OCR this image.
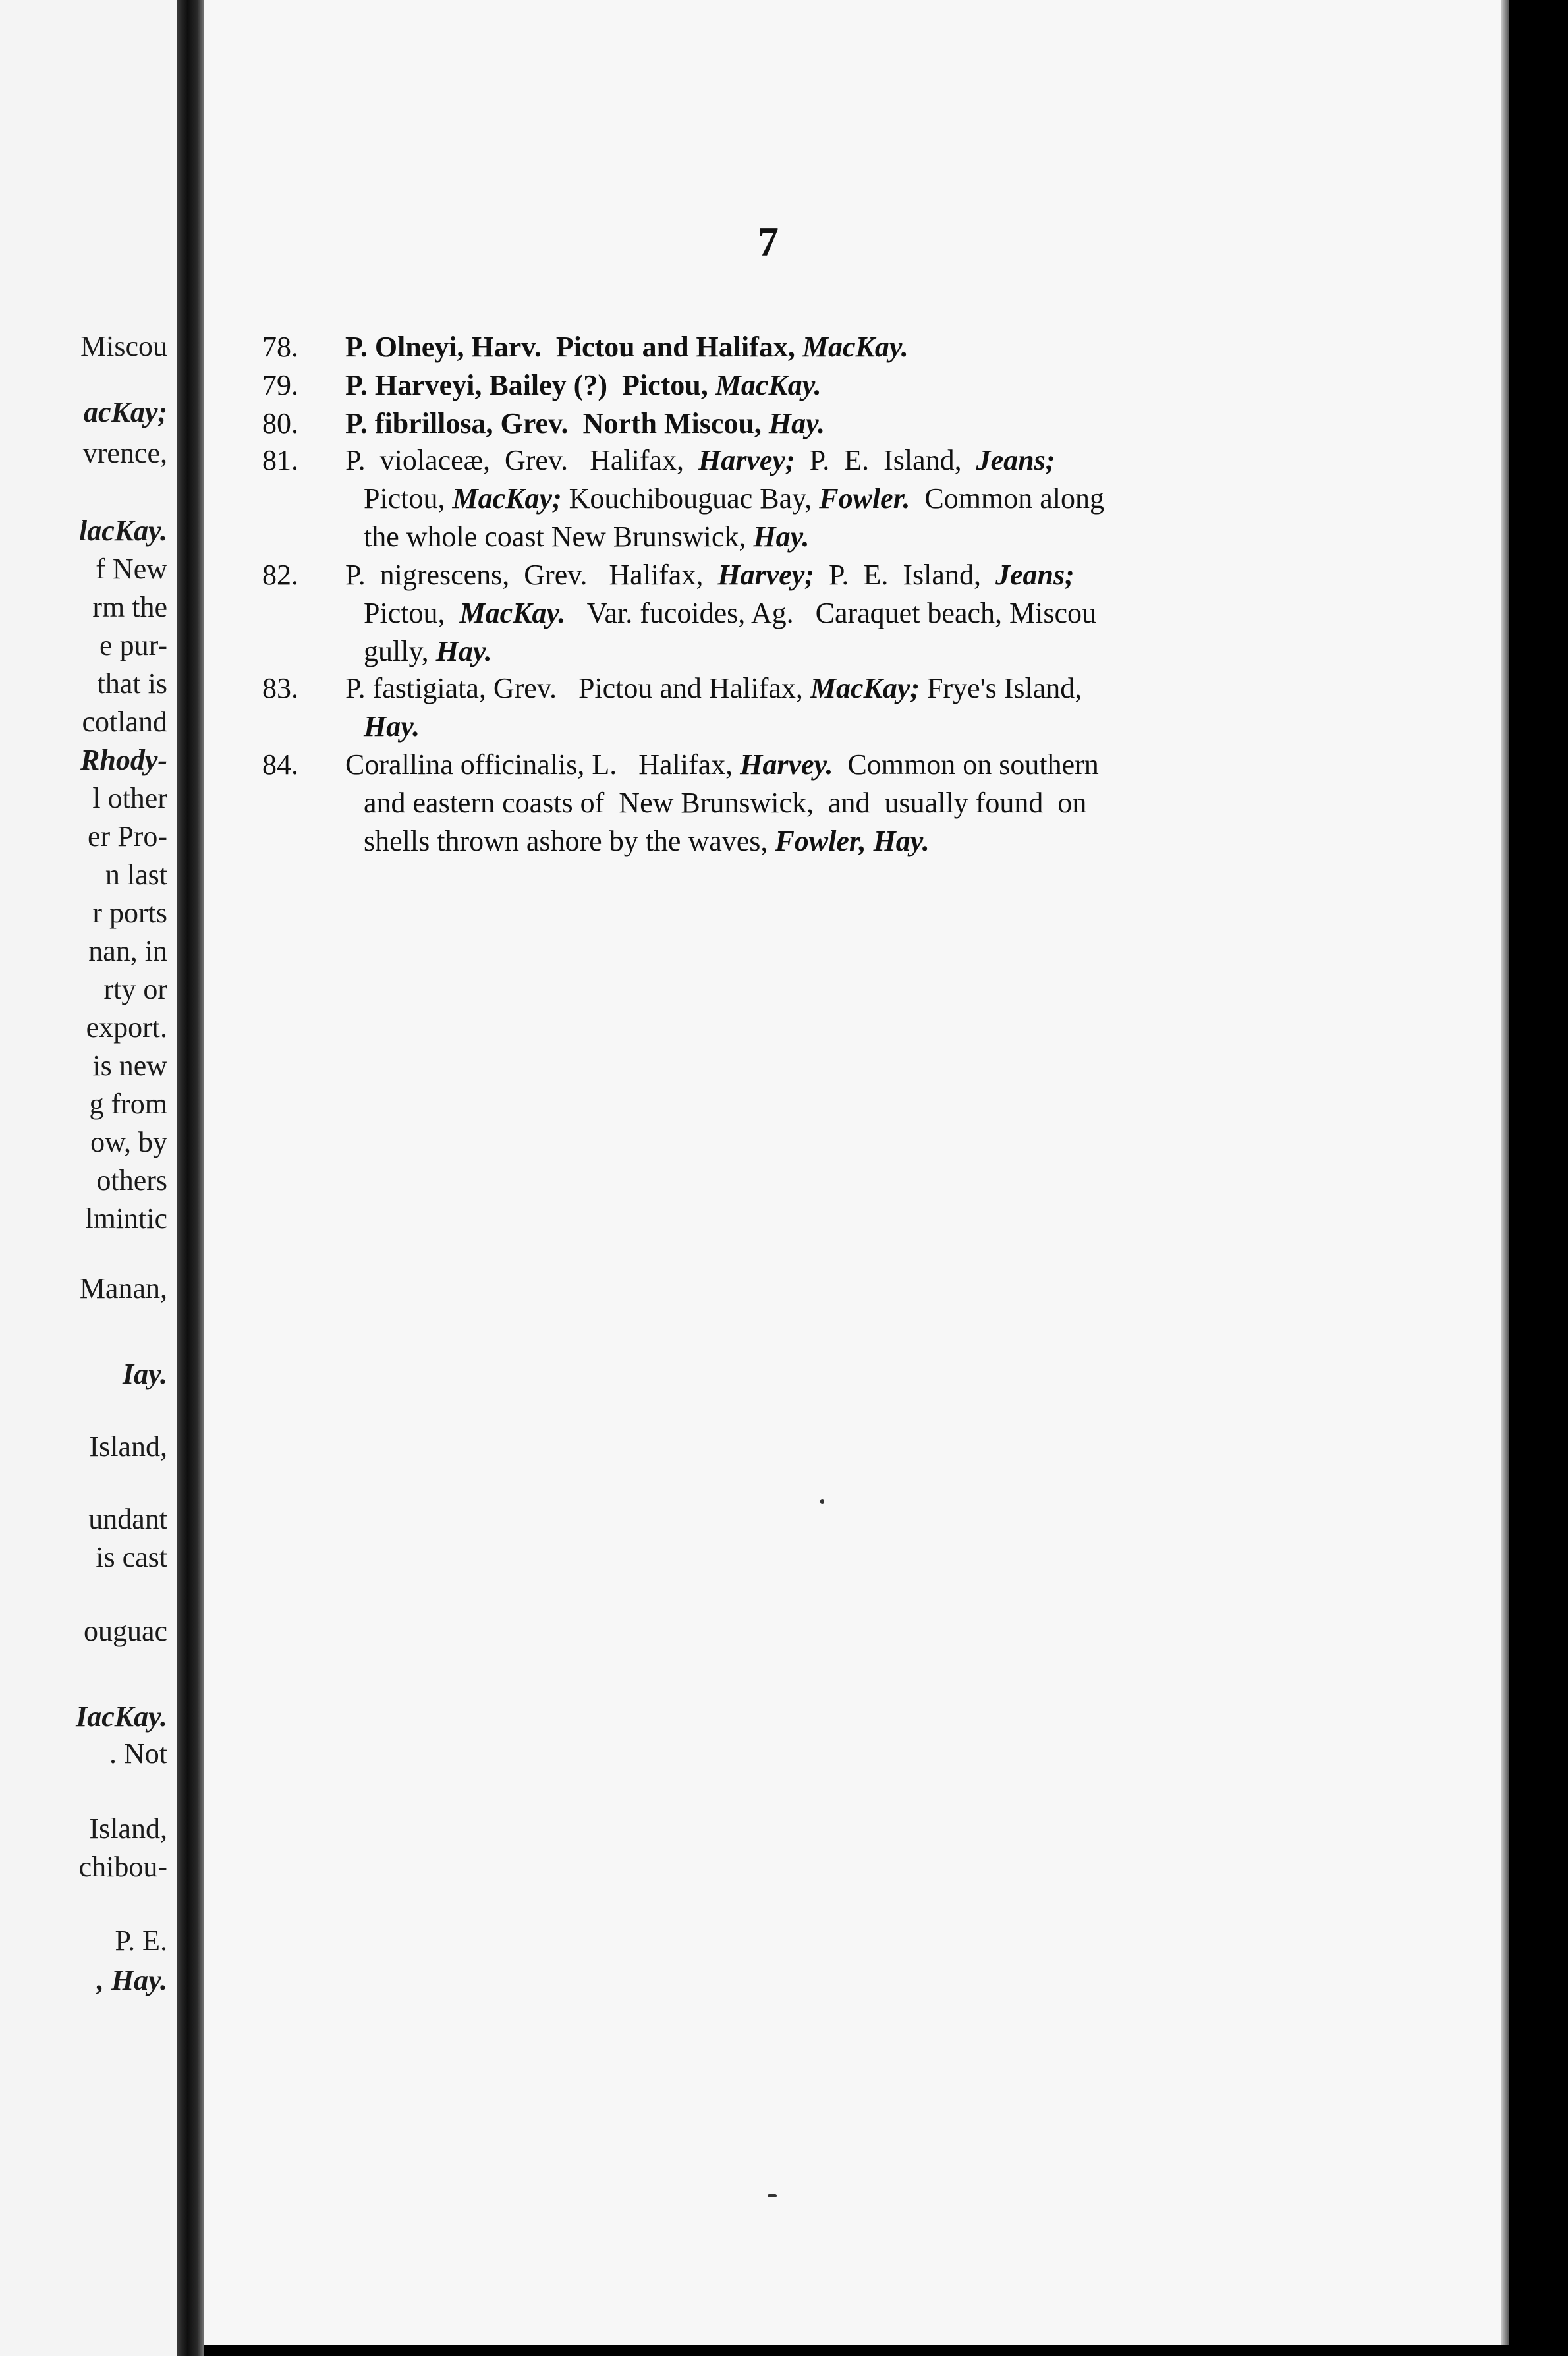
Miscou
acKay;
vrence,
lacKay.
f New
rm the
e pur-
that is
cotland
Rhody-
l other
er Pro-
n last
r ports
nan, in
rty or
export.
is new
g from
ow, by
others
lmintic
Manan,
Iay.
Island,
undant
is cast
ouguac
IacKay.
. Not
Island,
chibou-
P. E.
, Hay.
7
78.	P. Olneyi, Harv.  Pictou and Halifax, MacKay.
79.	P. Harveyi, Bailey (?)  Pictou, MacKay.
80.	P. fibrillosa, Grev.  North Miscou, Hay.
81.	P.  violaceæ,  Grev.   Halifax,  Harvey;  P.  E.  Island,  Jeans;
Pictou, MacKay; Kouchibouguac Bay, Fowler.  Common along
the whole coast New Brunswick, Hay.
82.	P.  nigrescens,  Grev.   Halifax,  Harvey;  P.  E.  Island,  Jeans;
Pictou,  MacKay.   Var. fucoides, Ag.   Caraquet beach, Miscou
gully, Hay.
83.	P. fastigiata, Grev.   Pictou and Halifax, MacKay; Frye's Island,
Hay.
84.	Corallina officinalis, L.   Halifax, Harvey.  Common on southern
and eastern coasts of  New Brunswick,  and  usually found  on
shells thrown ashore by the waves, Fowler, Hay.
